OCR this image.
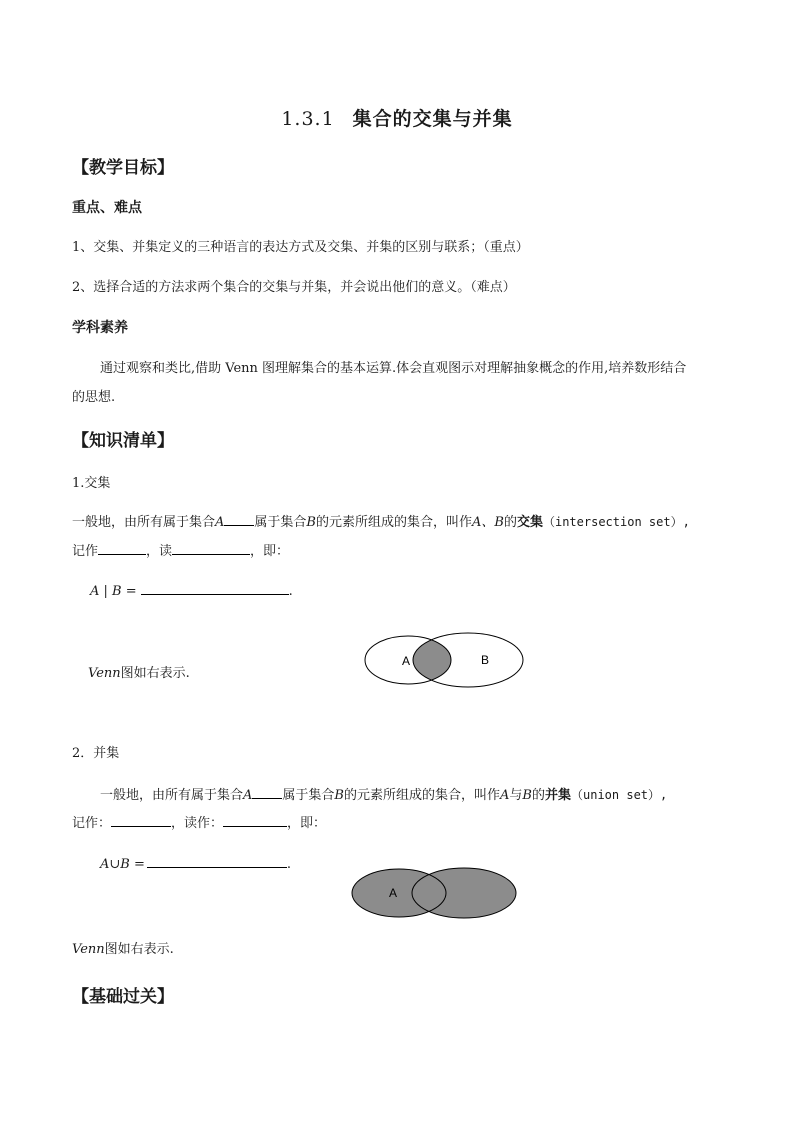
1.3.1 集合的交集与并集
【教学目标】
重点、难点
1、交集、并集定义的三种语言的表达方式及交集、并集的区别与联系；（重点）
2、选择合适的方法求两个集合的交集与并集，并会说出他们的意义。（难点）
学科素养
通过观察和类比,借助 Venn 图理解集合的基本运算.体会直观图示对理解抽象概念的作用,培养数形结合
的思想.
【知识清单】
1.交集
一般地，由所有属于集合A 属于集合B的元素所组成的集合，叫作A、B的交集（intersection set）,
记作	，读	，即：
A | B =	.
Venn图如右表示.
A	B
2．并集
一般地，由所有属于集合A 属于集合B的元素所组成的集合，叫作A与B的并集（union set）,
记作：	，读作：	，即：
A∪B =	.
A
Venn图如右表示.
【基础过关】
